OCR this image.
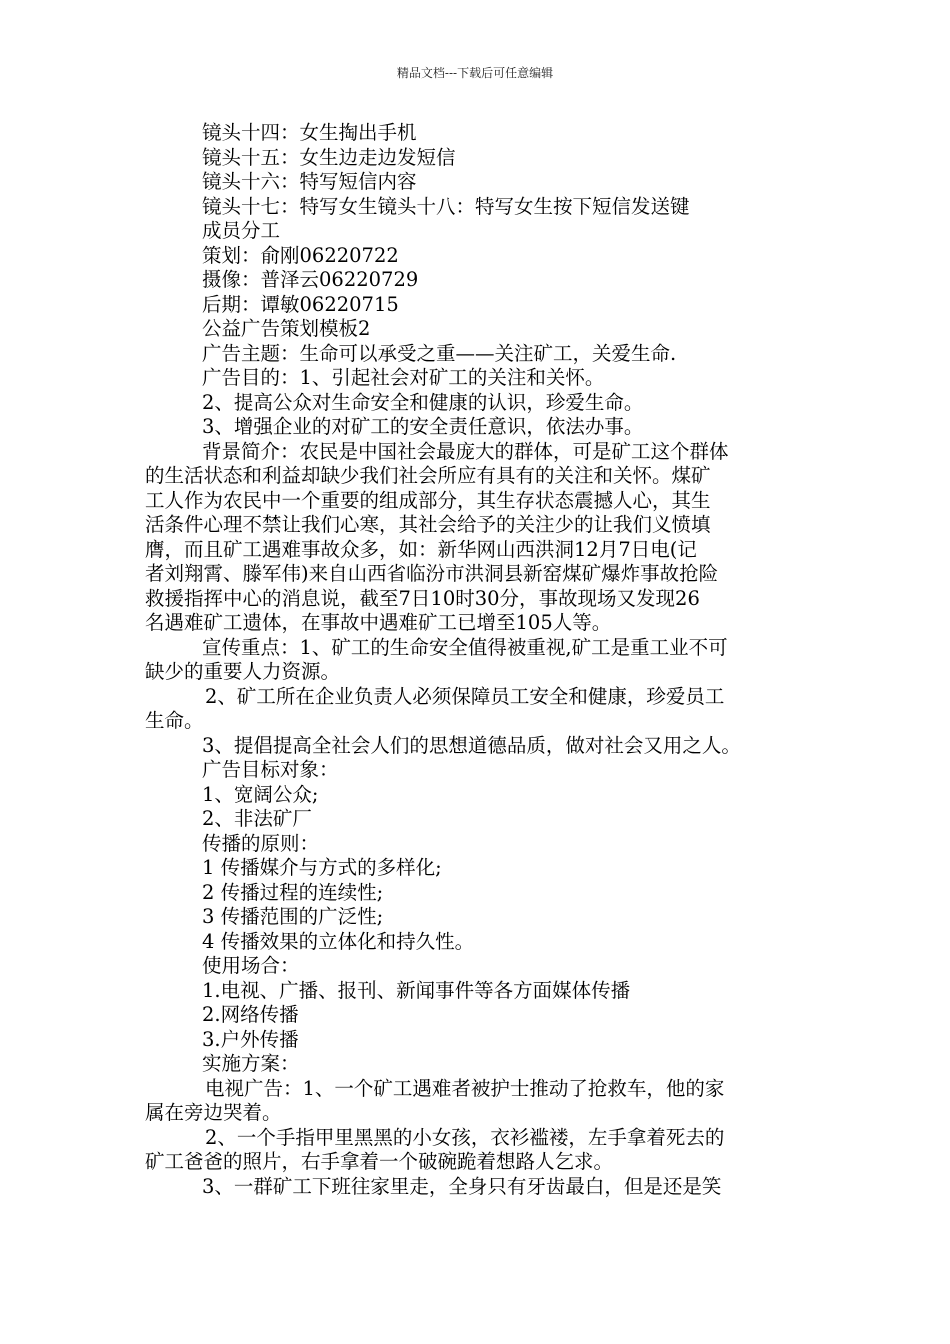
精品文档---下载后可任意编辑
镜头十四：女生掏出手机
镜头十五：女生边走边发短信
镜头十六：特写短信内容
镜头十七：特写女生镜头十八：特写女生按下短信发送键
成员分工
策划：俞刚06220722
摄像：普泽云06220729
后期：谭敏06220715
公益广告策划模板2
广告主题：生命可以承受之重——关注矿工，关爱生命.
广告目的：1、引起社会对矿工的关注和关怀。
2、提高公众对生命安全和健康的认识，珍爱生命。
3、增强企业的对矿工的安全责任意识，依法办事。
背景简介：农民是中国社会最庞大的群体，可是矿工这个群体
的生活状态和利益却缺少我们社会所应有具有的关注和关怀。煤矿
工人作为农民中一个重要的组成部分，其生存状态震撼人心，其生
活条件心理不禁让我们心寒，其社会给予的关注少的让我们义愤填
膺，而且矿工遇难事故众多，如：新华网山西洪洞12月7日电(记
者刘翔霄、滕军伟)来自山西省临汾市洪洞县新窑煤矿爆炸事故抢险
救援指挥中心的消息说，截至7日10时30分，事故现场又发现26
名遇难矿工遗体，在事故中遇难矿工已增至105人等。
宣传重点：1、矿工的生命安全值得被重视,矿工是重工业不可
缺少的重要人力资源。
2、矿工所在企业负责人必须保障员工安全和健康，珍爱员工
生命。
3、提倡提高全社会人们的思想道德品质，做对社会又用之人。
广告目标对象：
1、宽阔公众;
2、非法矿厂
传播的原则：
1 传播媒介与方式的多样化;
2 传播过程的连续性;
3 传播范围的广泛性;
4 传播效果的立体化和持久性。
使用场合：
1.电视、广播、报刊、新闻事件等各方面媒体传播
2.网络传播
3.户外传播
实施方案：
电视广告：1、一个矿工遇难者被护士推动了抢救车，他的家
属在旁边哭着。
2、一个手指甲里黑黑的小女孩，衣衫褴褛，左手拿着死去的
矿工爸爸的照片，右手拿着一个破碗跪着想路人乞求。
3、一群矿工下班往家里走，全身只有牙齿最白，但是还是笑
